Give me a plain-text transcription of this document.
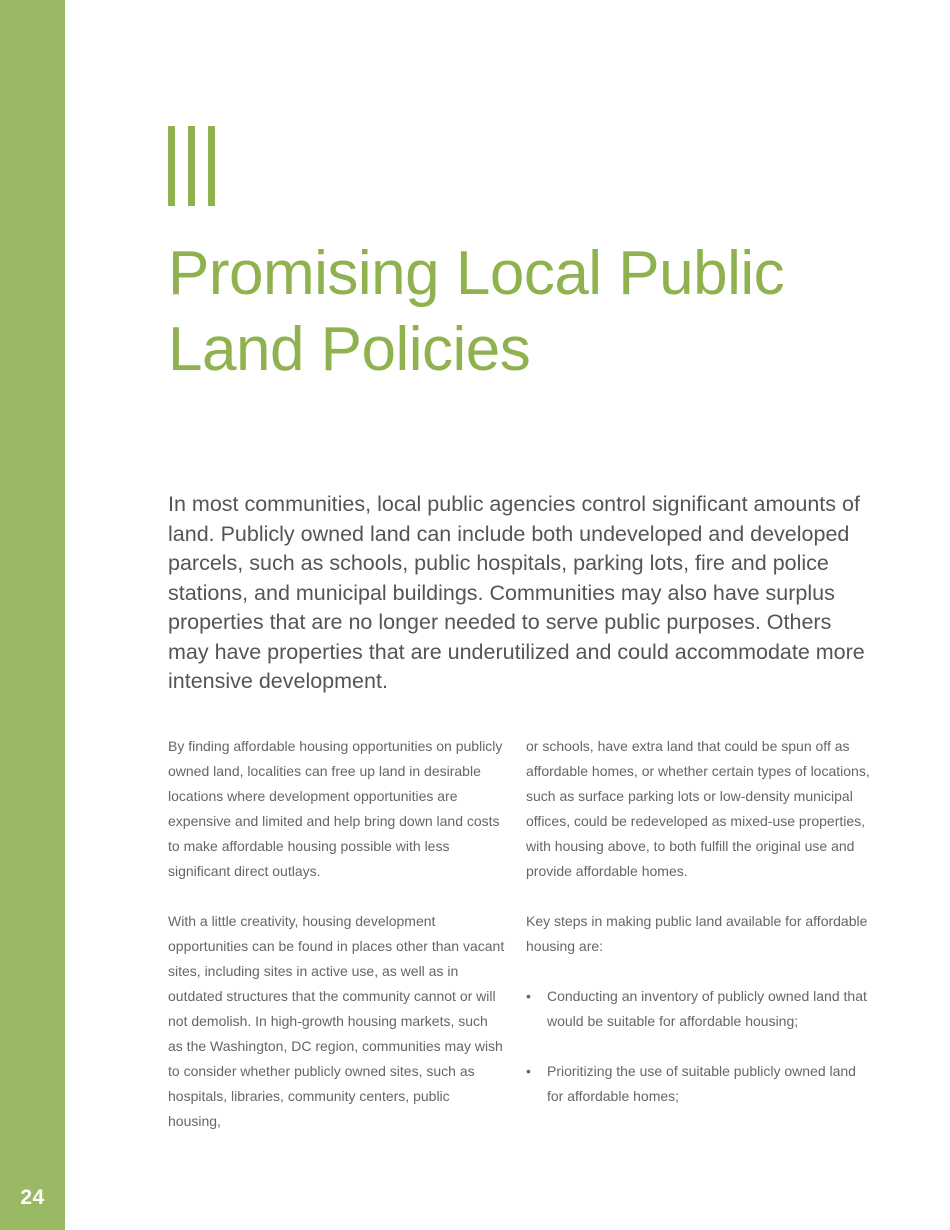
24
Promising Local Public
Land Policies

In most communities, local public agencies control significant amounts of land. Publicly owned land can include both undeveloped and developed parcels, such as schools, public hospitals, parking lots, fire and police stations, and municipal buildings. Communities may also have surplus properties that are no longer needed to serve public purposes. Others may have properties that are underutilized and could accommodate more intensive development.

By finding affordable housing opportunities on publicly owned land, localities can free up land in desirable locations where development opportunities are expensive and limited and help bring down land costs to make affordable housing possible with less significant direct outlays.

With a little creativity, housing development opportunities can be found in places other than vacant sites, including sites in active use, as well as in outdated structures that the community cannot or will not demolish. In high-growth housing markets, such as the Washington, DC region, communities may wish to consider whether publicly owned sites, such as hospitals, libraries, community centers, public housing,

or schools, have extra land that could be spun off as affordable homes, or whether certain types of locations, such as surface parking lots or low-density municipal offices, could be redeveloped as mixed-use properties, with housing above, to both fulfill the original use and provide affordable homes.

Key steps in making public land available for affordable housing are:

• Conducting an inventory of publicly owned land that would be suitable for affordable housing;
• Prioritizing the use of suitable publicly owned land for affordable homes;
